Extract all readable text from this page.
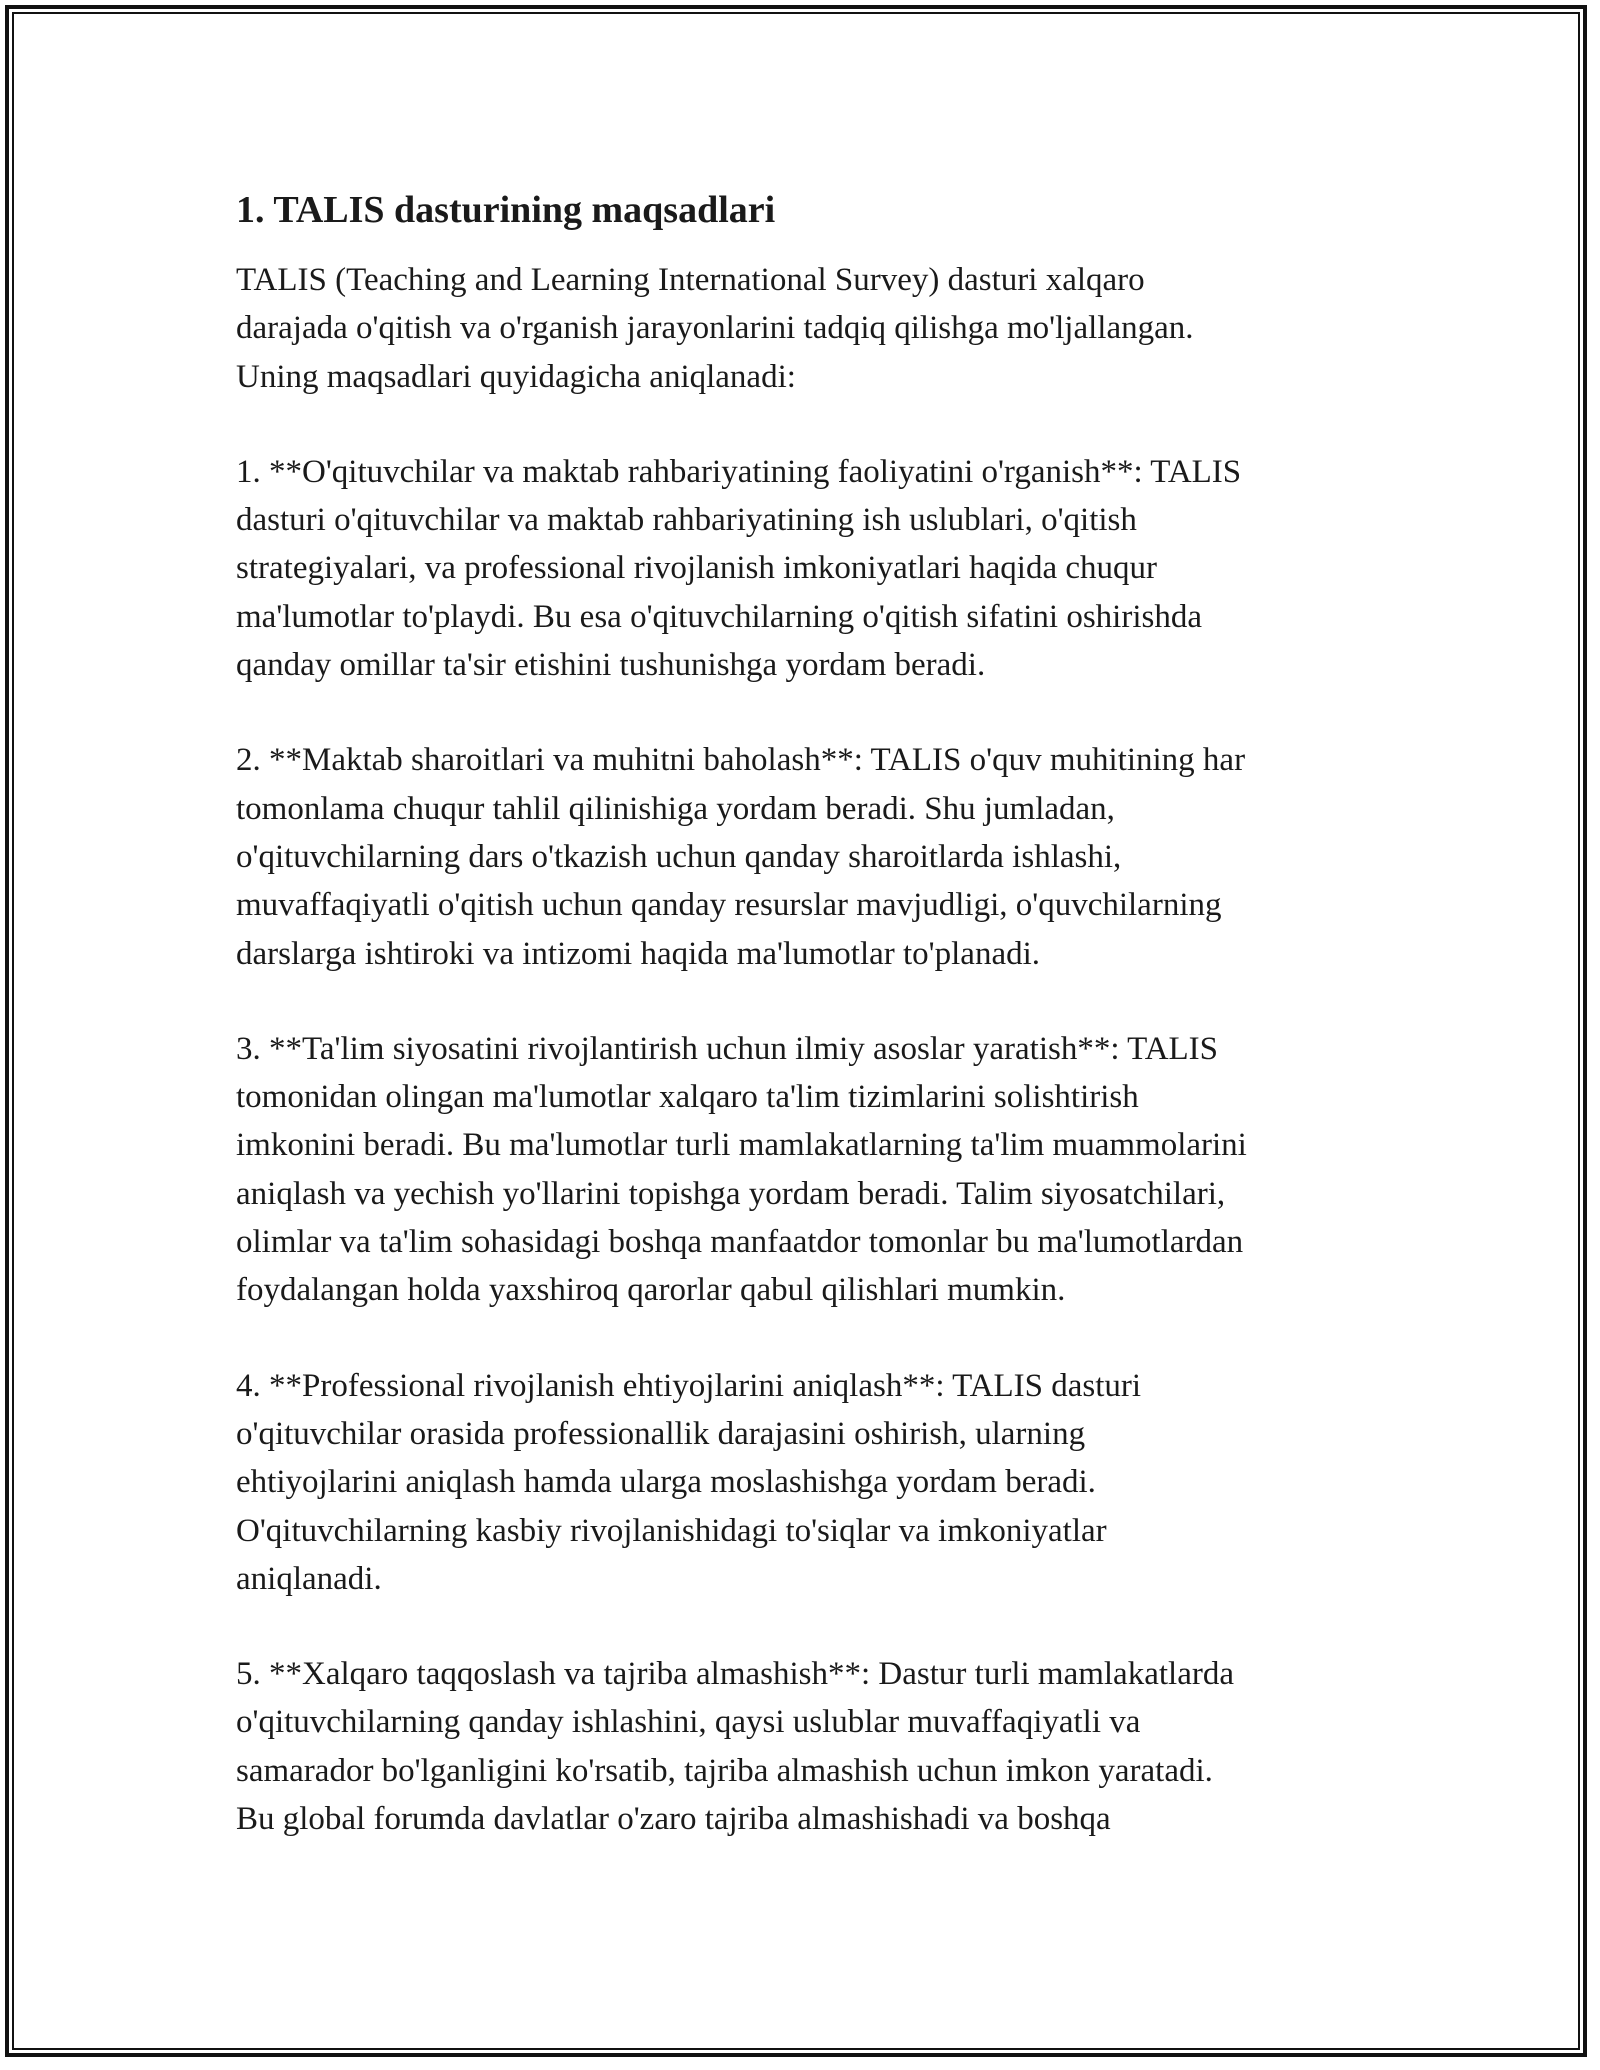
1. TALIS dasturining maqsadlari

TALIS (Teaching and Learning International Survey) dasturi xalqaro
darajada o'qitish va o'rganish jarayonlarini tadqiq qilishga mo'ljallangan.
Uning maqsadlari quyidagicha aniqlanadi:

1. **O'qituvchilar va maktab rahbariyatining faoliyatini o'rganish**: TALIS
dasturi o'qituvchilar va maktab rahbariyatining ish uslublari, o'qitish
strategiyalari, va professional rivojlanish imkoniyatlari haqida chuqur
ma'lumotlar to'playdi. Bu esa o'qituvchilarning o'qitish sifatini oshirishda
qanday omillar ta'sir etishini tushunishga yordam beradi.

2. **Maktab sharoitlari va muhitni baholash**: TALIS o'quv muhitining har
tomonlama chuqur tahlil qilinishiga yordam beradi. Shu jumladan,
o'qituvchilarning dars o'tkazish uchun qanday sharoitlarda ishlashi,
muvaffaqiyatli o'qitish uchun qanday resurslar mavjudligi, o'quvchilarning
darslarga ishtiroki va intizomi haqida ma'lumotlar to'planadi.

3. **Ta'lim siyosatini rivojlantirish uchun ilmiy asoslar yaratish**: TALIS
tomonidan olingan ma'lumotlar xalqaro ta'lim tizimlarini solishtirish
imkonini beradi. Bu ma'lumotlar turli mamlakatlarning ta'lim muammolarini
aniqlash va yechish yo'llarini topishga yordam beradi. Talim siyosatchilari,
olimlar va ta'lim sohasidagi boshqa manfaatdor tomonlar bu ma'lumotlardan
foydalangan holda yaxshiroq qarorlar qabul qilishlari mumkin.

4. **Professional rivojlanish ehtiyojlarini aniqlash**: TALIS dasturi
o'qituvchilar orasida professionallik darajasini oshirish, ularning
ehtiyojlarini aniqlash hamda ularga moslashishga yordam beradi.
O'qituvchilarning kasbiy rivojlanishidagi to'siqlar va imkoniyatlar
aniqlanadi.

5. **Xalqaro taqqoslash va tajriba almashish**: Dastur turli mamlakatlarda
o'qituvchilarning qanday ishlashini, qaysi uslublar muvaffaqiyatli va
samarador bo'lganligini ko'rsatib, tajriba almashish uchun imkon yaratadi.
Bu global forumda davlatlar o'zaro tajriba almashishadi va boshqa
